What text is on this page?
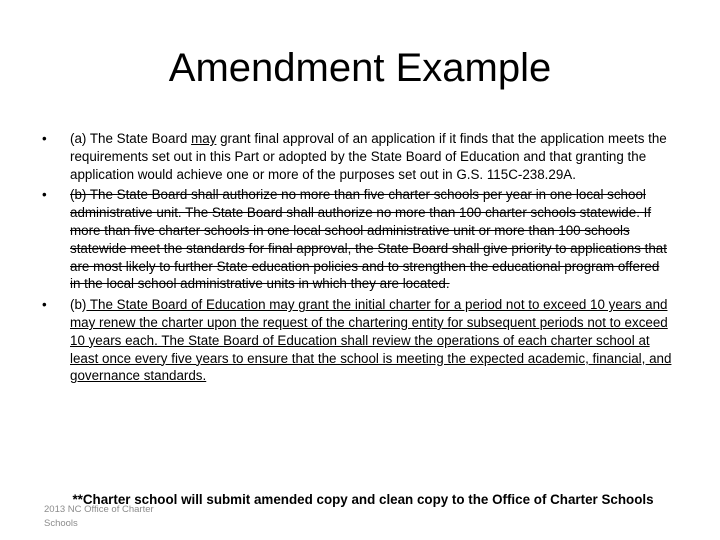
Amendment Example
•	(a) The State Board may grant final approval of an application if it finds that the application meets the requirements set out in this Part or adopted by the State Board of Education and that granting the application would achieve one or more of the purposes set out in G.S. 115C-238.29A.
•	(b) The State Board shall authorize no more than five charter schools per year in one local school administrative unit. The State Board shall authorize no more than 100 charter schools statewide. If more than five charter schools in one local school administrative unit or more than 100 schools statewide meet the standards for final approval, the State Board shall give priority to applications that are most likely to further State education policies and to strengthen the educational program offered in the local school administrative units in which they are located.
•	(b) The State Board of Education may grant the initial charter for a period not to exceed 10 years and may renew the charter upon the request of the chartering entity for subsequent periods not to exceed 10 years each. The State Board of Education shall review the operations of each charter school at least once every five years to ensure that the school is meeting the expected academic, financial, and governance standards.
**Charter school will submit amended copy and clean copy to the Office of Charter Schools
2013 NC Office of Charter Schools
